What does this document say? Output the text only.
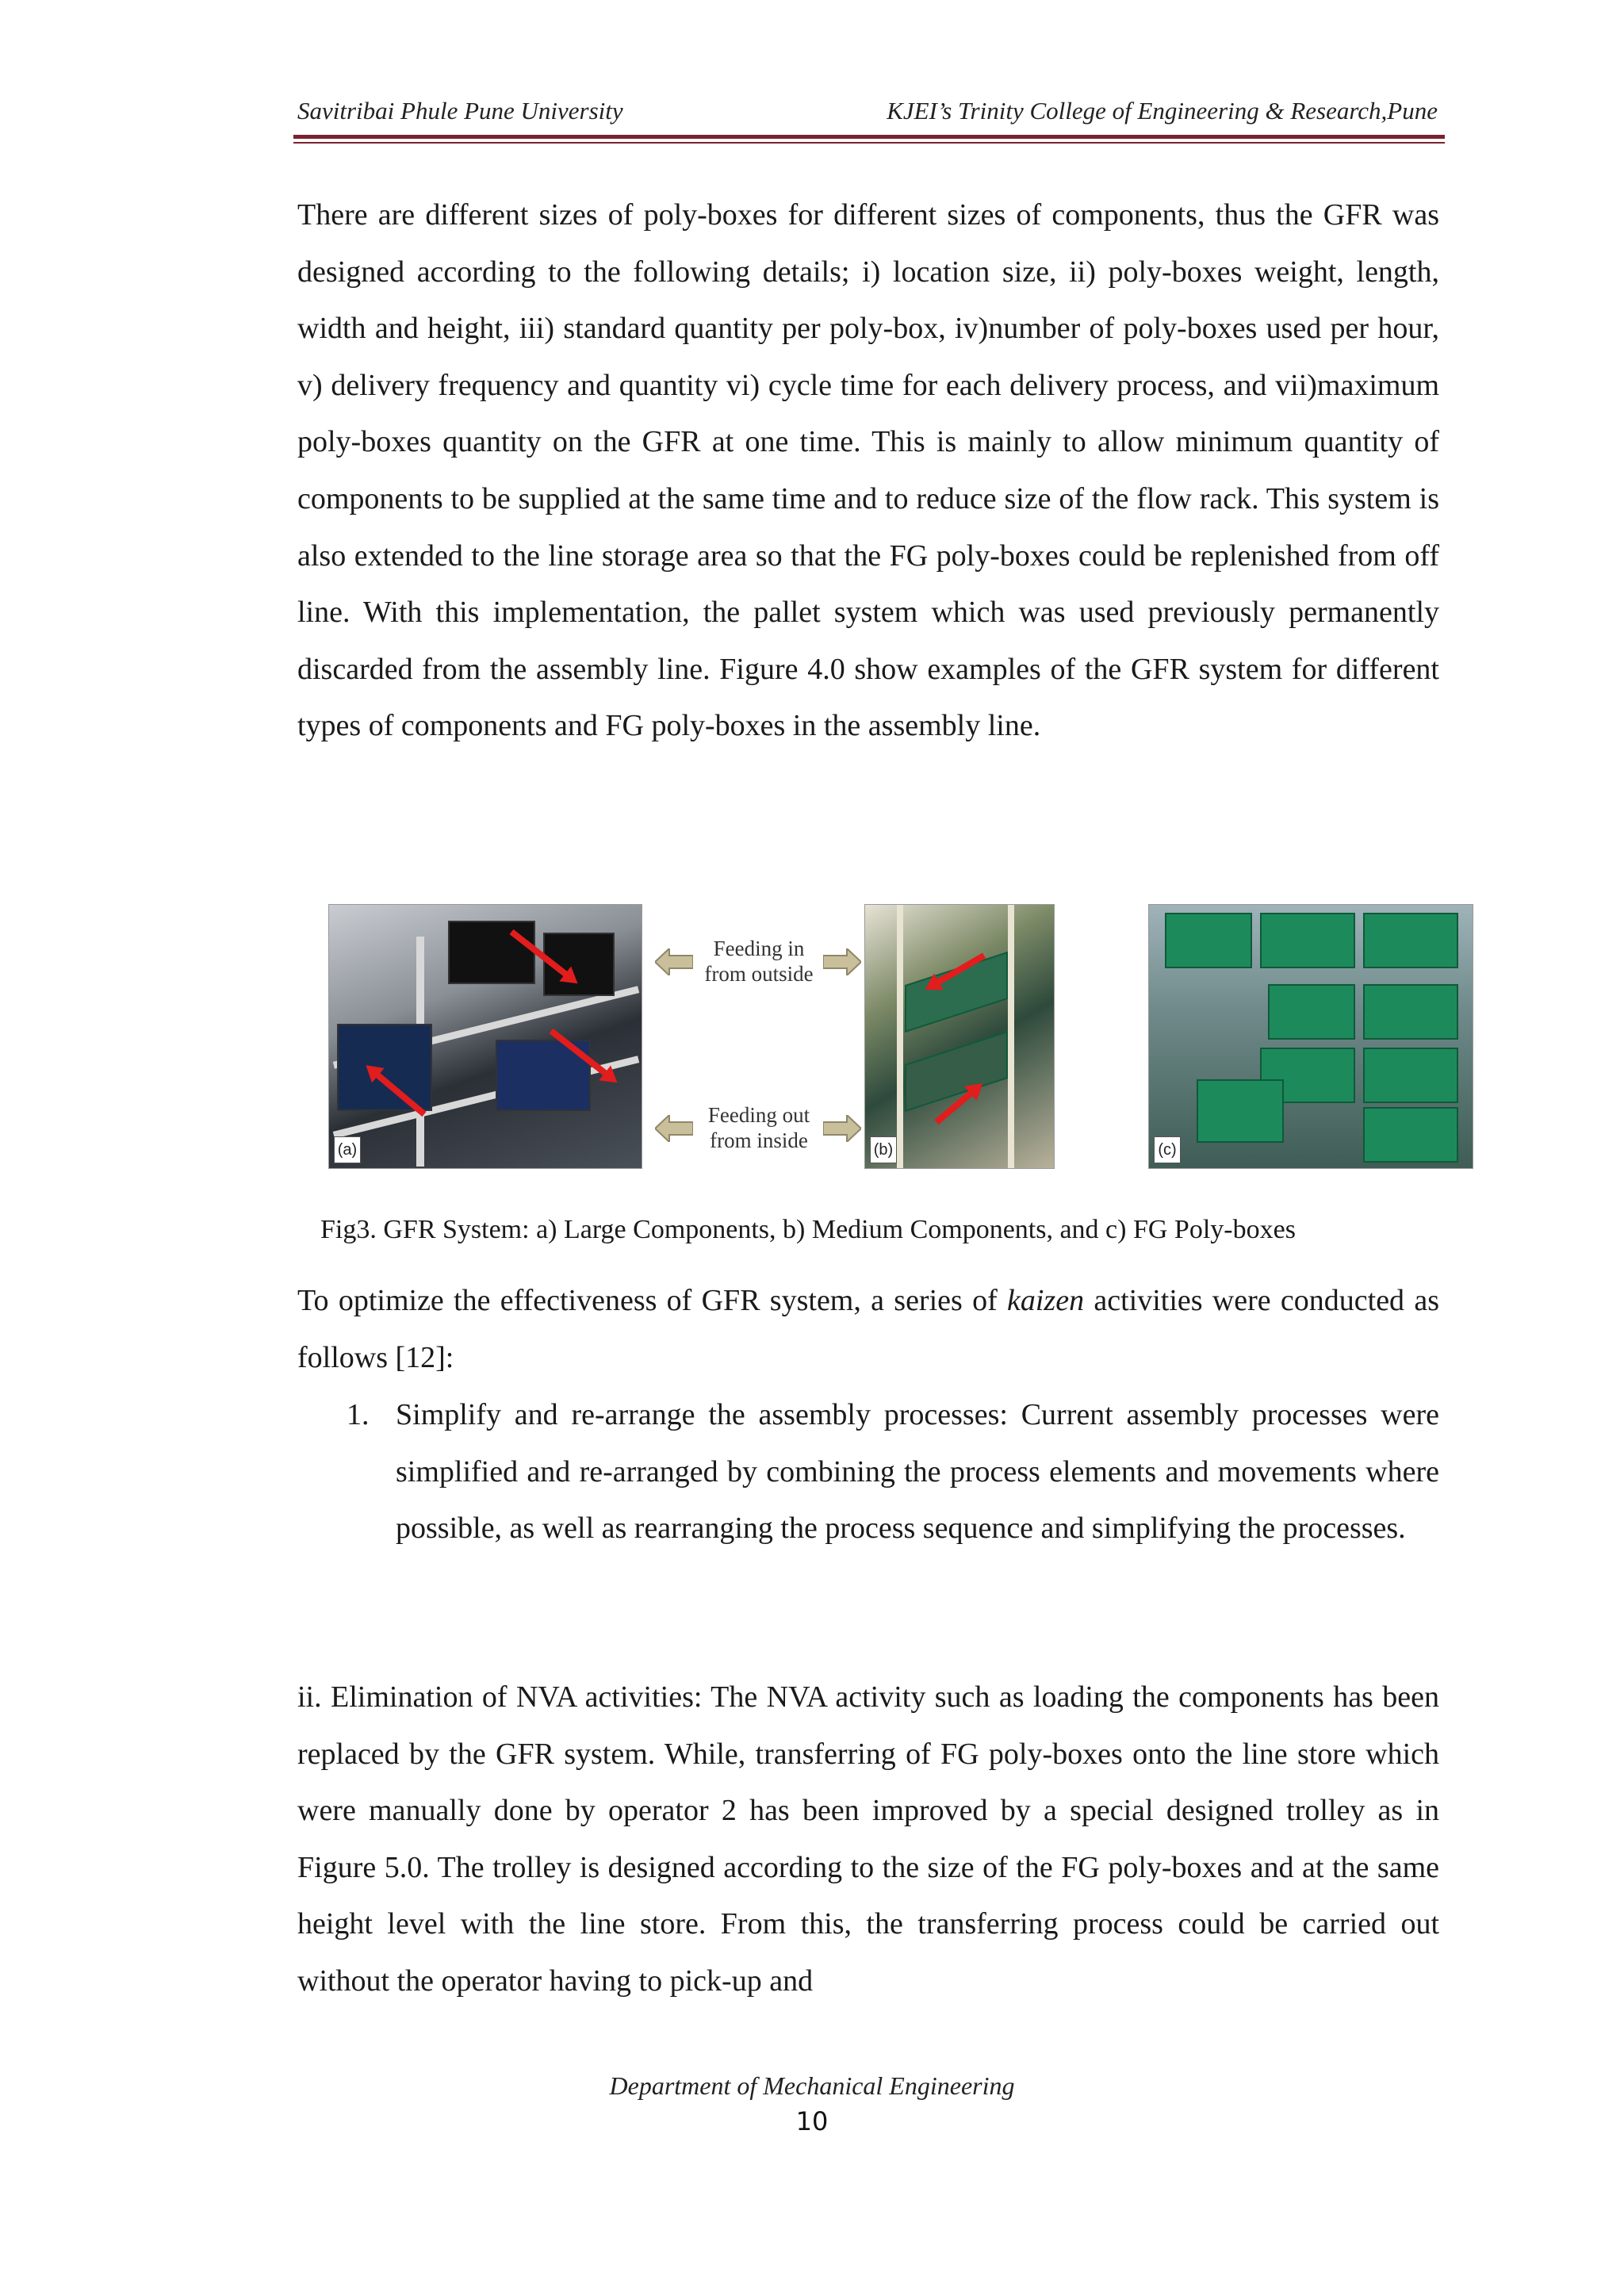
Savitribai Phule Pune University	KJEI’s Trinity College of Engineering & Research,Pune

There are different sizes of poly-boxes for different sizes of components, thus the GFR was designed according to the following details; i) location size, ii) poly-boxes weight, length, width and height, iii) standard quantity per poly-box, iv)number of poly-boxes used per hour, v) delivery frequency and quantity vi) cycle time for each delivery process, and vii)maximum poly-boxes quantity on the GFR at one time. This is mainly to allow minimum quantity of components to be supplied at the same time and to reduce size of the flow rack. This system is also extended to the line storage area so that the FG poly-boxes could be replenished from off line. With this implementation, the pallet system which was used previously permanently discarded from the assembly line. Figure 4.0 show examples of the GFR system for different types of components and FG poly-boxes in the assembly line.

(a)
Feeding in
from outside
Feeding out
from inside	(b)	(c)
Fig3. GFR System: a) Large Components, b) Medium Components, and c) FG Poly-boxes

To optimize the effectiveness of GFR system, a series of kaizen activities were conducted as follows [12]:

1. Simplify and re-arrange the assembly processes: Current assembly processes were simplified and re-arranged by combining the process elements and movements where possible, as well as rearranging the process sequence and simplifying the processes.

ii. Elimination of NVA activities: The NVA activity such as loading the components has been replaced by the GFR system. While, transferring of FG poly-boxes onto the line store which were manually done by operator 2 has been improved by a special designed trolley as in Figure 5.0. The trolley is designed according to the size of the FG poly-boxes and at the same height level with the line store. From this, the transferring process could be carried out without the operator having to pick-up and

Department of Mechanical Engineering
10
